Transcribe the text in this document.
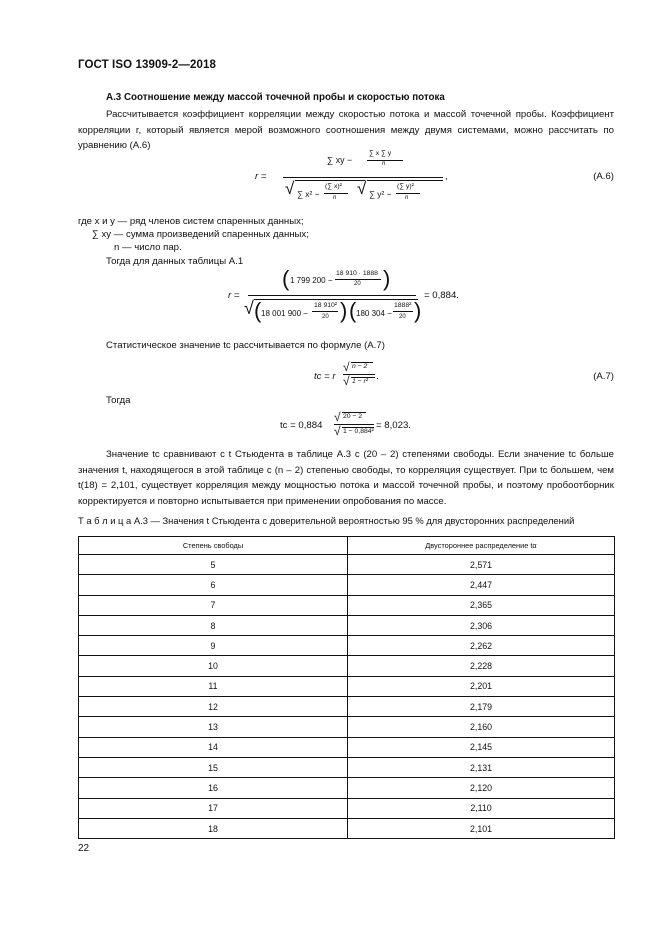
ГОСТ ISO 13909-2—2018
А.3 Соотношение между массой точечной пробы и скоростью потока
Рассчитывается коэффициент корреляции между скоростью потока и массой точечной пробы. Коэффициент корреляции r, который является мерой возможного соотношения между двумя системами, можно рассчитать по уравнению (А.6)
r =
∑ xy −
∑ x ∑ y
n
√ ∑ x² −
(∑ x)²
n √ ∑ y² −
(∑ y)²
n
,	(А.6)
где x и y — ряд членов систем спаренных данных;
∑ xy — сумма произведений спаренных данных;
n — число пар.
Тогда для данных таблицы А.1
r =
( 1 799 200 −
18 910 · 1888
20 )
√ ( 18 001 900 −
18 910²
20 ) ( 180 304 −
1888²
20 )
= 0,884.
Статистическое значение tc рассчитывается по формуле (А.7)
tc = r
√ n − 2
√ 1 − r² .	(А.7)
Тогда
tc = 0,884
√ 20 − 2
√ 1 − 0,884²
= 8,023.
Значение tc сравнивают с t Стьюдента в таблице А.3 с (20 – 2) степенями свободы. Если значение tc больше значения t, находящегося в этой таблице с (n – 2) степенью свободы, то корреляция существует. При tc большем, чем t(18) = 2,101, существует корреляция между мощностью потока и массой точечной пробы, и поэтому пробоотборник корректируется и повторно испытывается при применении опробования по массе.
Т а б л и ц а А.3 — Значения t Стьюдента с доверительной вероятностью 95 % для двусторонних распределений
Степень свободы	Двустороннее распределение tα
5	2,571
6	2,447
7	2,365
8	2,306
9	2,262
10	2,228
11	2,201
12	2,179
13	2,160
14	2,145
15	2,131
16	2,120
17	2,110
18	2,101
22
